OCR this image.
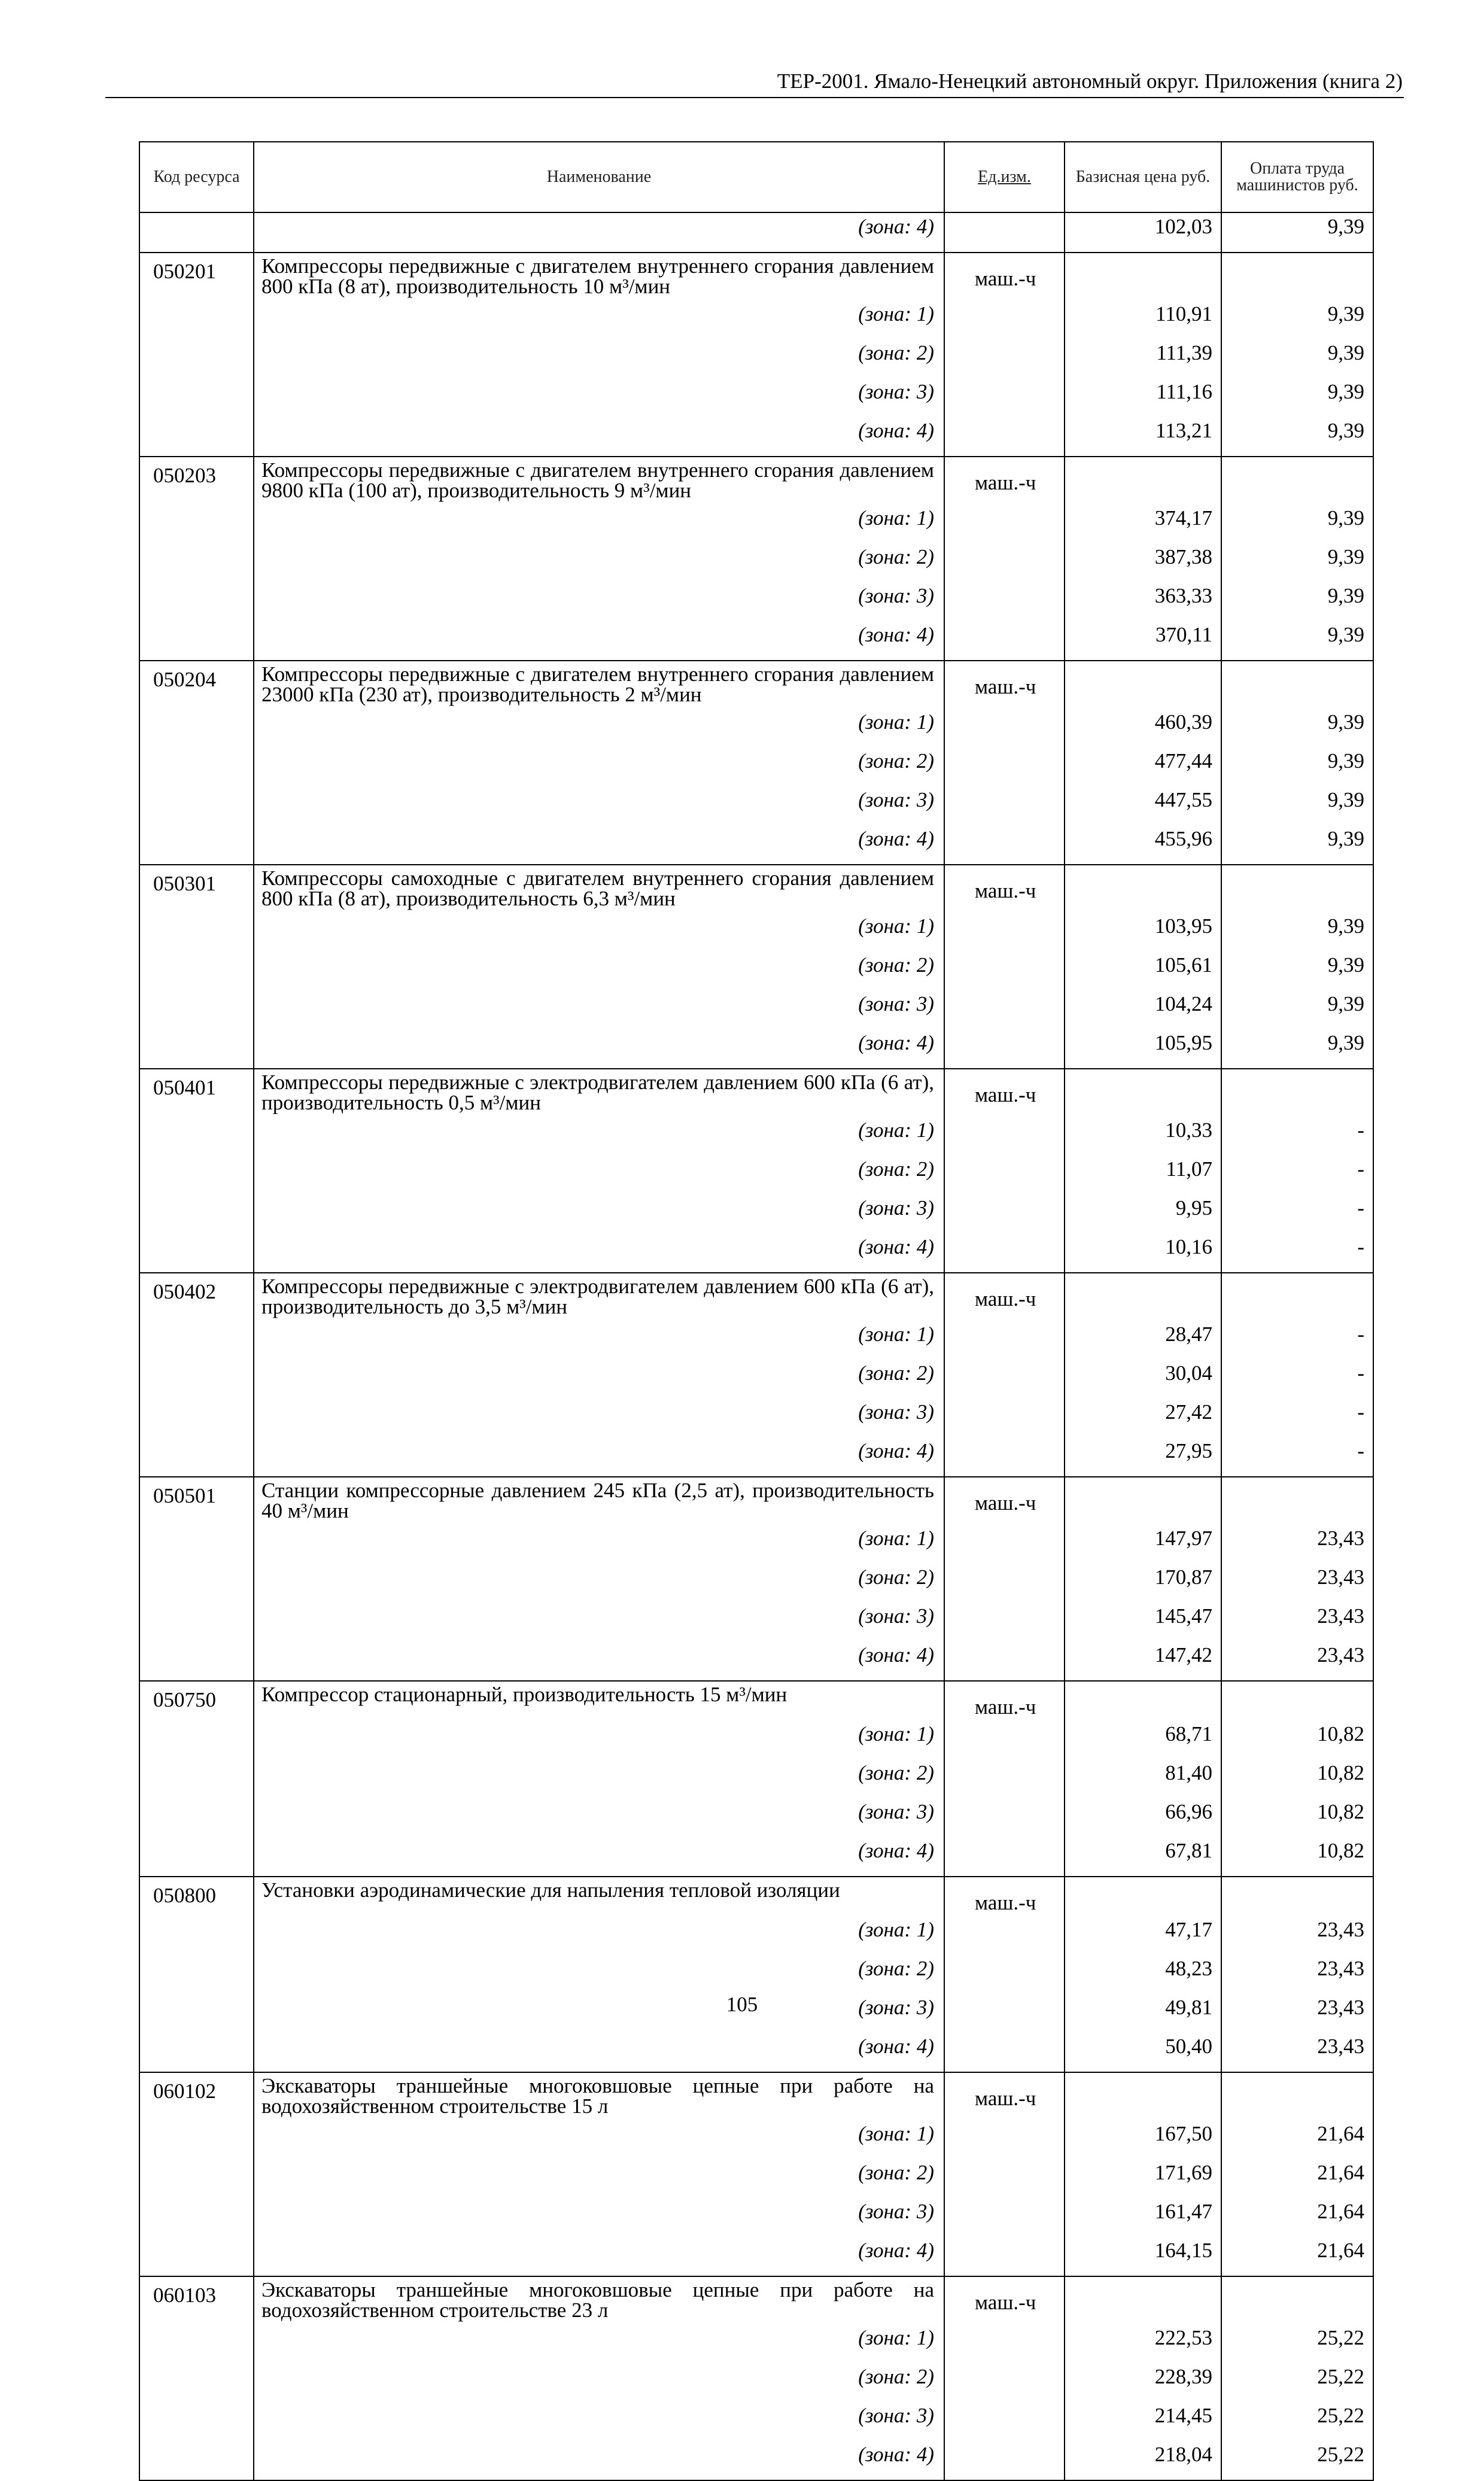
ТЕР-2001. Ямало-Ненецкий автономный округ. Приложения (книга 2)
Код ресурса	Наименование	Ед.изм.	Базисная цена руб.	Оплата труда машинистов руб.
	(зона: 4)		102,03	9,39
050201	Компрессоры передвижные с двигателем внутреннего сгорания давлением 800 кПа (8 ат), производительность 10 м³/мин	маш.-ч		
	(зона: 1)		110,91	9,39
	(зона: 2)		111,39	9,39
	(зона: 3)		111,16	9,39
	(зона: 4)		113,21	9,39
050203	Компрессоры передвижные с двигателем внутреннего сгорания давлением 9800 кПа (100 ат), производительность 9 м³/мин	маш.-ч		
	(зона: 1)		374,17	9,39
	(зона: 2)		387,38	9,39
	(зона: 3)		363,33	9,39
	(зона: 4)		370,11	9,39
050204	Компрессоры передвижные с двигателем внутреннего сгорания давлением 23000 кПа (230 ат), производительность 2 м³/мин	маш.-ч		
	(зона: 1)		460,39	9,39
	(зона: 2)		477,44	9,39
	(зона: 3)		447,55	9,39
	(зона: 4)		455,96	9,39
050301	Компрессоры самоходные с двигателем внутреннего сгорания давлением 800 кПа (8 ат), производительность 6,3 м³/мин	маш.-ч		
	(зона: 1)		103,95	9,39
	(зона: 2)		105,61	9,39
	(зона: 3)		104,24	9,39
	(зона: 4)		105,95	9,39
050401	Компрессоры передвижные с электродвигателем давлением 600 кПа (6 ат), производительность 0,5 м³/мин	маш.-ч		
	(зона: 1)		10,33	-
	(зона: 2)		11,07	-
	(зона: 3)		9,95	-
	(зона: 4)		10,16	-
050402	Компрессоры передвижные с электродвигателем давлением 600 кПа (6 ат), производительность до 3,5 м³/мин	маш.-ч		
	(зона: 1)		28,47	-
	(зона: 2)		30,04	-
	(зона: 3)		27,42	-
	(зона: 4)		27,95	-
050501	Станции компрессорные давлением 245 кПа (2,5 ат), производительность 40 м³/мин	маш.-ч		
	(зона: 1)		147,97	23,43
	(зона: 2)		170,87	23,43
	(зона: 3)		145,47	23,43
	(зона: 4)		147,42	23,43
050750	Компрессор стационарный, производительность 15 м³/мин	маш.-ч		
	(зона: 1)		68,71	10,82
	(зона: 2)		81,40	10,82
	(зона: 3)		66,96	10,82
	(зона: 4)		67,81	10,82
050800	Установки аэродинамические для напыления тепловой изоляции	маш.-ч		
	(зона: 1)		47,17	23,43
	(зона: 2)		48,23	23,43
	(зона: 3)		49,81	23,43
	(зона: 4)		50,40	23,43
060102	Экскаваторы траншейные многоковшовые цепные при работе на водохозяйственном строительстве 15 л	маш.-ч		
	(зона: 1)		167,50	21,64
	(зона: 2)		171,69	21,64
	(зона: 3)		161,47	21,64
	(зона: 4)		164,15	21,64
060103	Экскаваторы траншейные многоковшовые цепные при работе на водохозяйственном строительстве 23 л	маш.-ч		
	(зона: 1)		222,53	25,22
	(зона: 2)		228,39	25,22
	(зона: 3)		214,45	25,22
	(зона: 4)		218,04	25,22
105
